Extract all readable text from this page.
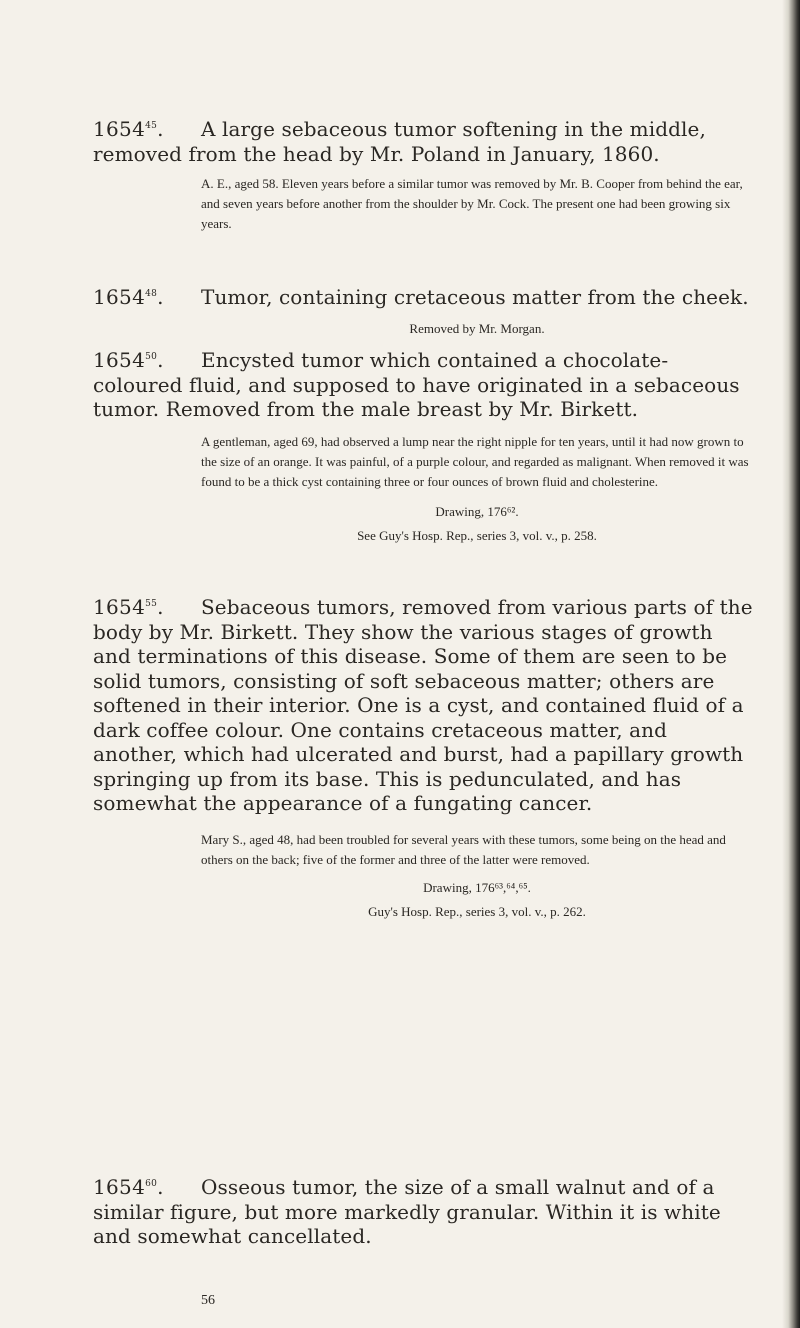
1654$^{45}$.	A large sebaceous tumor softening in the middle, removed from the head by Mr. Poland in January, 1860.
A. E., aged 58. Eleven years before a similar tumor was removed by Mr. B. Cooper from behind the ear, and seven years before another from the shoulder by Mr. Cock. The present one had been growing six years.
1654$^{48}$.	Tumor, containing cretaceous matter from the cheek.
Removed by Mr. Morgan.
1654$^{50}$.	Encysted tumor which contained a chocolate-coloured fluid, and supposed to have originated in a sebaceous tumor. Removed from the male breast by Mr. Birkett.
A gentleman, aged 69, had observed a lump near the right nipple for ten years, until it had now grown to the size of an orange. It was painful, of a purple colour, and regarded as malignant. When removed it was found to be a thick cyst containing three or four ounces of brown fluid and cholesterine.
Drawing, 176⁶².
See Guy's Hosp. Rep., series 3, vol. v., p. 258.
1654$^{55}$.	Sebaceous tumors, removed from various parts of the body by Mr. Birkett. They show the various stages of growth and terminations of this disease. Some of them are seen to be solid tumors, consisting of soft sebaceous matter; others are softened in their interior. One is a cyst, and contained fluid of a dark coffee colour. One contains cretaceous matter, and another, which had ulcerated and burst, had a papillary growth springing up from its base. This is pedunculated, and has somewhat the appearance of a fungating cancer.
Mary S., aged 48, had been troubled for several years with these tumors, some being on the head and others on the back; five of the former and three of the latter were removed.
Drawing, 176⁶³,⁶⁴,⁶⁵.
Guy's Hosp. Rep., series 3, vol. v., p. 262.
1654$^{60}$.	Osseous tumor, the size of a small walnut and of a similar figure, but more markedly granular. Within it is white and somewhat cancellated.
56
